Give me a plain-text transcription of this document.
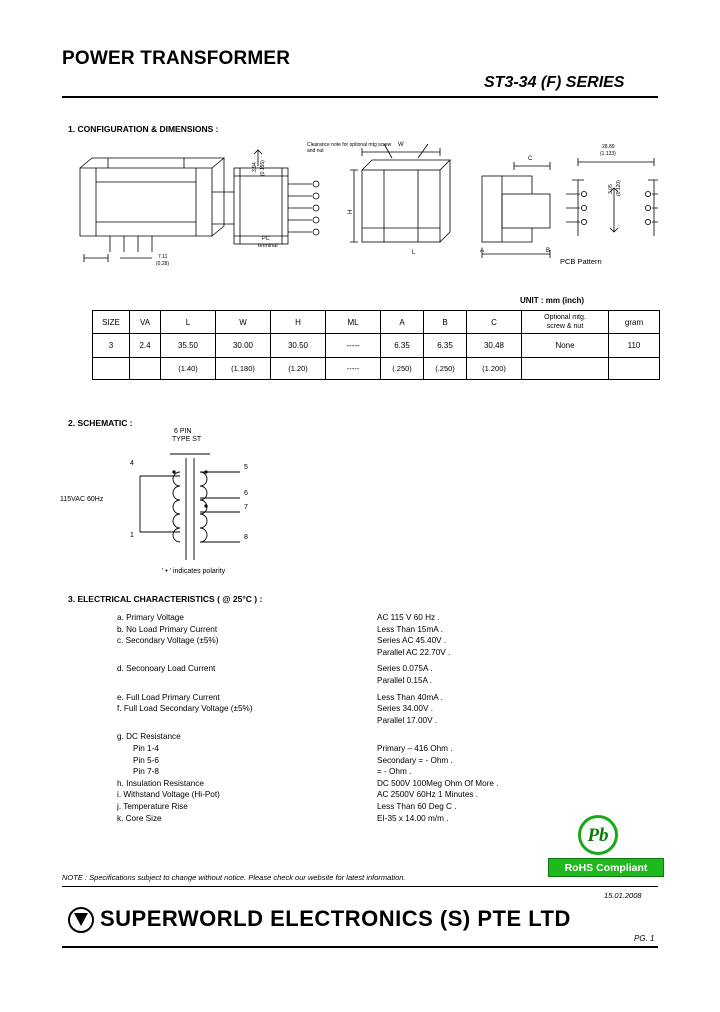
POWER TRANSFORMER
ST3-34 (F) SERIES
1. CONFIGURATION & DIMENSIONS :
7.11
(0.28)
3.94 (0.155)
PC
terminal
Clearance note for optional mtg screw and nut
W
H
L
C
A	B
28.89
(1.133)
3.05 (0.120)
PCB Pattern
UNIT : mm (inch)
SIZE	VA	L	W	H	ML	A	B	C	Optional mtg.
screw & nut	gram
3	2.4	35.50	30.00	30.50	-----	6.35	6.35	30.48	None	110
		(1.40)	(1.180)	(1.20)	-----	(.250)	(.250)	(1.200)		
2. SCHEMATIC :
6 PIN
TYPE ST
4
1
115VAC 60Hz
5
6
7
8
' • ' indicates polarity
3. ELECTRICAL CHARACTERISTICS ( @ 25°C ) :
a. Primary Voltage	AC 115 V 60 Hz .
b. No Load Primary Current	Less Than 15mA .
c. Secondary Voltage (±5%)	Series AC 45.40V .
Parallel AC 22.70V .
d. Seconoary Load Current	Series 0.075A .
Parallel 0.15A .
e. Full Load Primary Current	Less Than 40mA .
f. Full Load Secondary Voltage (±5%)	Series 34.00V .
Parallel 17.00V .
g. DC Resistance
Pin 1-4	Primary – 416 Ohm .
Pin 5-6	Secondary = - Ohm .
Pin 7-8	= - Ohm .
h. Insulation Resistance	DC 500V 100Meg Ohm Of More .
i. Withstand Voltage (Hi-Pot)	AC 2500V 60Hz 1 Minutes .
j. Temperature Rise	Less Than 60 Deg C .
k. Core Size	EI-35 x 14.00 m/m .
Pb
RoHS Compliant
NOTE : Specifications subject to change without notice. Please check our website for latest information.
15.01.2008
SUPERWORLD ELECTRONICS (S) PTE LTD
PG. 1
